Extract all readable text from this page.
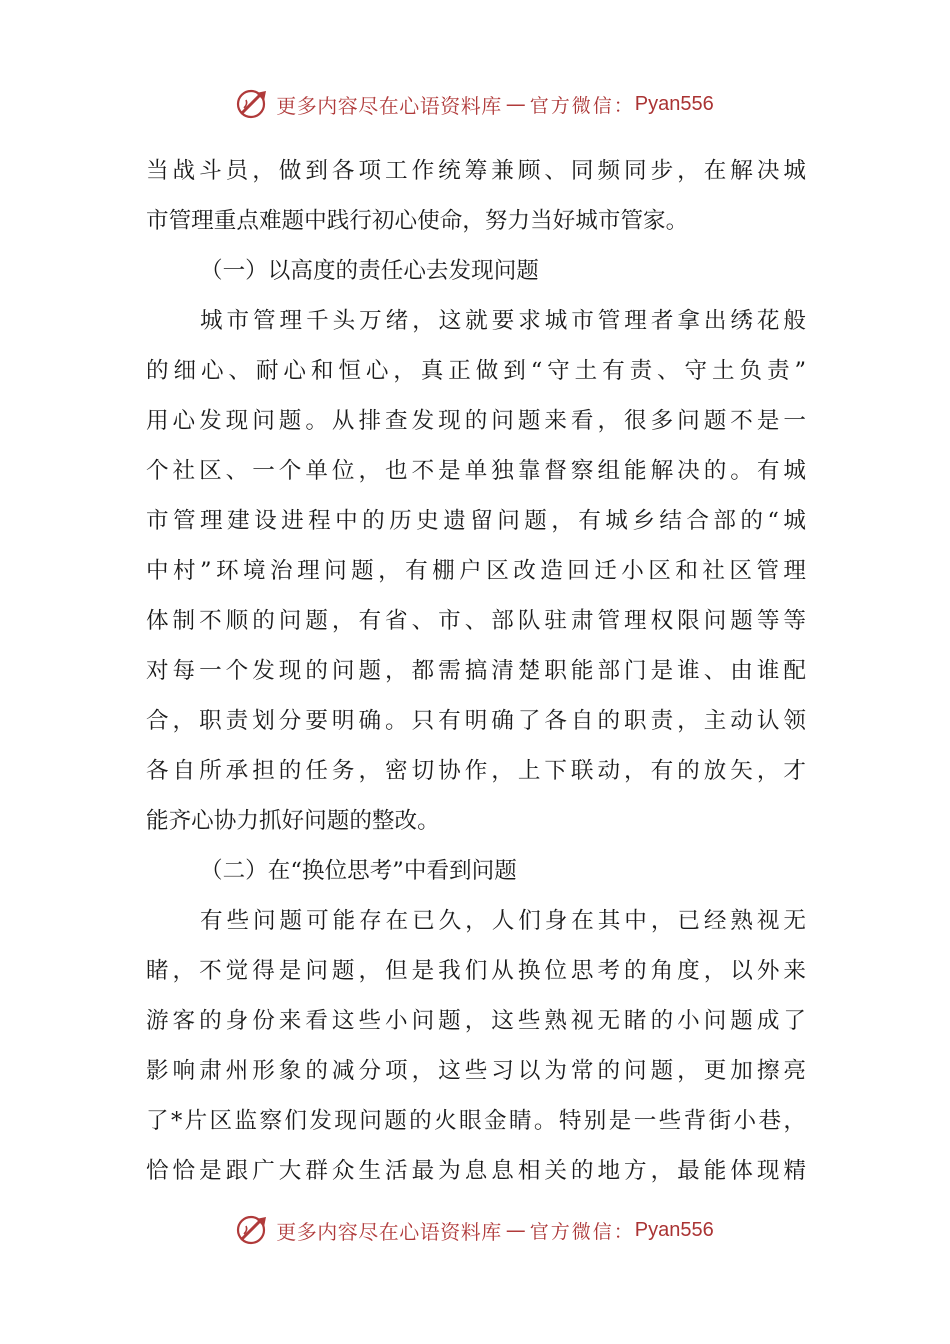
更多内容尽在心语资料库 — 官方微信： Pyan556
当战斗员，做到各项工作统筹兼顾、同频同步，在解决城
市管理重点难题中践行初心使命，努力当好城市管家。
（一）以高度的责任心去发现问题
城市管理千头万绪，这就要求城市管理者拿出绣花般
的细心、耐心和恒心，真正做到“守土有责、守土负责”
用心发现问题。从排查发现的问题来看，很多问题不是一
个社区、一个单位，也不是单独靠督察组能解决的。有城
市管理建设进程中的历史遗留问题，有城乡结合部的“城
中村”环境治理问题，有棚户区改造回迁小区和社区管理
体制不顺的问题，有省、市、部队驻肃管理权限问题等等
对每一个发现的问题，都需搞清楚职能部门是谁、由谁配
合，职责划分要明确。只有明确了各自的职责，主动认领
各自所承担的任务，密切协作，上下联动，有的放矢，才
能齐心协力抓好问题的整改。
（二）在“换位思考”中看到问题
有些问题可能存在已久，人们身在其中，已经熟视无
睹，不觉得是问题，但是我们从换位思考的角度，以外来
游客的身份来看这些小问题，这些熟视无睹的小问题成了
影响肃州形象的减分项，这些习以为常的问题，更加擦亮
了*片区监察们发现问题的火眼金睛。特别是一些背街小巷，
恰恰是跟广大群众生活最为息息相关的地方，最能体现精
更多内容尽在心语资料库 — 官方微信： Pyan556
